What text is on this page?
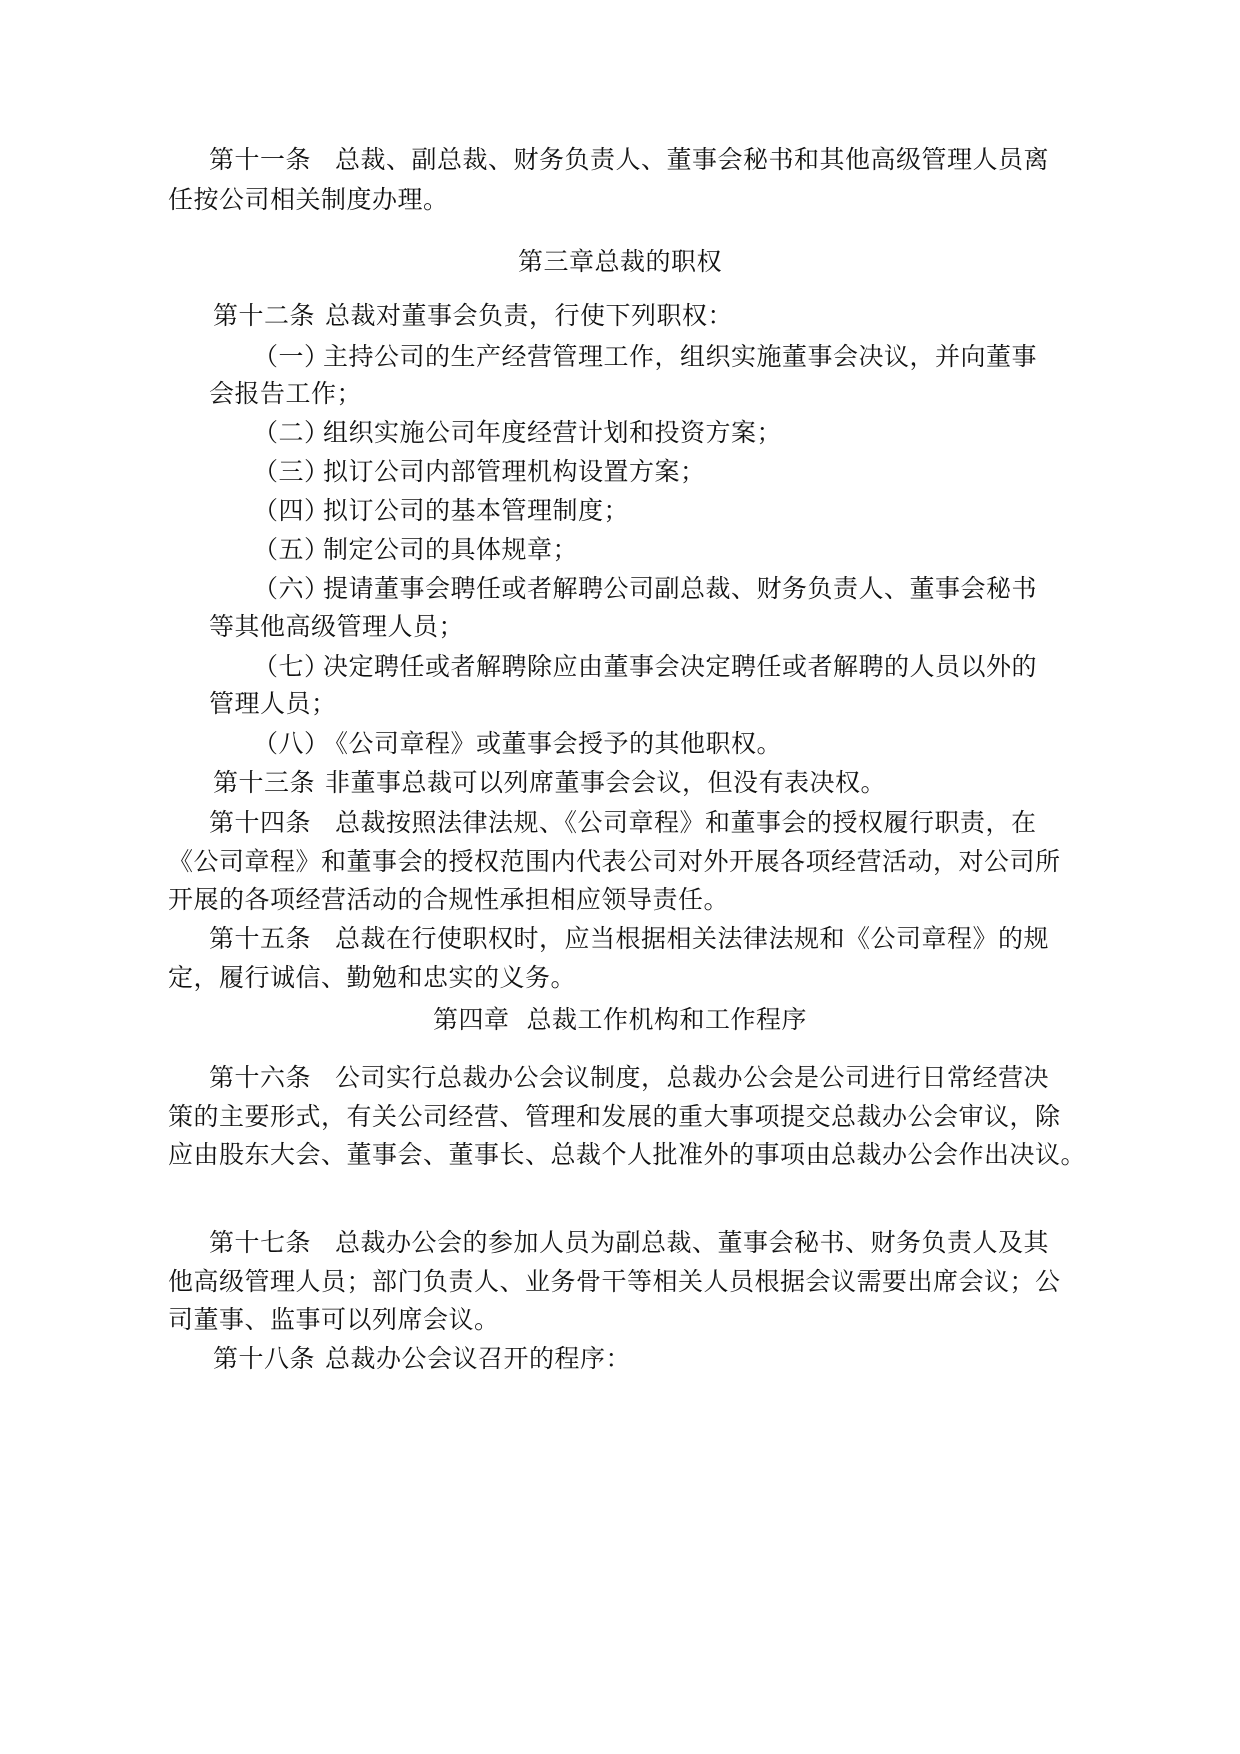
第十一条 总裁、副总裁、财务负责人、董事会秘书和其他高级管理人员离
任按公司相关制度办理。
第三章总裁的职权
第十二条 总裁对董事会负责，行使下列职权：
（一）主持公司的生产经营管理工作，组织实施董事会决议，并向董事
会报告工作；
（二）组织实施公司年度经营计划和投资方案；
（三）拟订公司内部管理机构设置方案；
（四）拟订公司的基本管理制度；
（五）制定公司的具体规章；
（六）提请董事会聘任或者解聘公司副总裁、财务负责人、董事会秘书
等其他高级管理人员；
（七）决定聘任或者解聘除应由董事会决定聘任或者解聘的人员以外的
管理人员；
（八）《公司章程》或董事会授予的其他职权。
第十三条 非董事总裁可以列席董事会会议，但没有表决权。
第十四条 总裁按照法律法规、《公司章程》和董事会的授权履行职责，在
《公司章程》和董事会的授权范围内代表公司对外开展各项经营活动，对公司所
开展的各项经营活动的合规性承担相应领导责任。
第十五条 总裁在行使职权时，应当根据相关法律法规和《公司章程》的规
定，履行诚信、勤勉和忠实的义务。
第四章  总裁工作机构和工作程序
第十六条 公司实行总裁办公会议制度，总裁办公会是公司进行日常经营决
策的主要形式，有关公司经营、管理和发展的重大事项提交总裁办公会审议，除
应由股东大会、董事会、董事长、总裁个人批准外的事项由总裁办公会作出决议。
第十七条 总裁办公会的参加人员为副总裁、董事会秘书、财务负责人及其
他高级管理人员；部门负责人、业务骨干等相关人员根据会议需要出席会议；公
司董事、监事可以列席会议。
第十八条 总裁办公会议召开的程序：
